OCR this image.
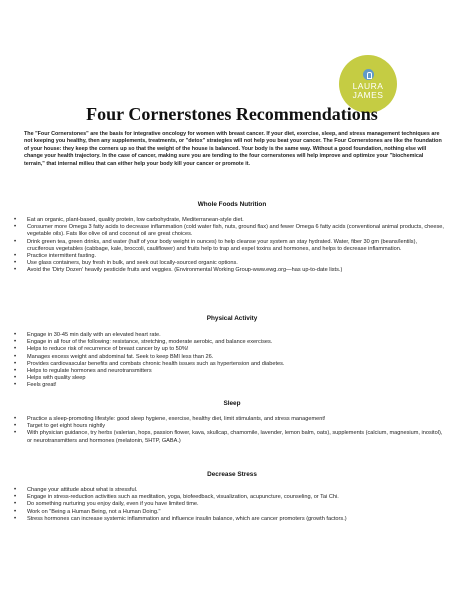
LAURA
JAMES
Four Cornerstones Recommendations

The "Four Cornerstones" are the basis for integrative oncology for women with breast cancer. If your diet, exercise, sleep, and stress management techniques are not keeping you healthy, then any supplements, treatments, or "detox" strategies will not help you beat your cancer. The Four Cornerstones are like the foundation of your house: they keep the corners up so that the weight of the house is balanced. Your body is the same way. Without a good foundation, nothing else will change your health trajectory. In the case of cancer, making sure you are tending to the four cornerstones will help improve and optimize your "biochemical terrain," that internal milieu that can either help your body kill your cancer or promote it.

Whole Foods Nutrition
• Eat an organic, plant-based, quality protein, low carbohydrate, Mediterranean-style diet.
• Consumer more Omega 3 fatty acids to decrease inflammation (cold water fish, nuts, ground flax) and fewer Omega 6 fatty acids (conventional animal products, cheese, vegetable oils). Fats like olive oil and coconut oil are great choices.
• Drink green tea, green drinks, and water (half of your body weight in ounces) to help cleanse your system an stay hydrated. Water, fiber 30 gm (beans/lentils), cruciferous vegetables (cabbage, kale, broccoli, cauliflower) and fruits help to trap and expel toxins and hormones, and helps to decrease inflammation.
• Practice intermittent fasting.
• Use glass containers, buy fresh in bulk, and seek out locally-sourced organic options.
• Avoid the 'Dirty Dozen' heavily pesticide fruits and veggies. (Environmental Working Group-www.ewg.org—has up-to-date lists.)
Physical Activity
• Engage in 30-45 min daily with an elevated heart rate.
• Engage in all four of the following: resistance, stretching, moderate aerobic, and balance exercises.
• Helps to reduce risk of recurrence of breast cancer by up to 50%!
• Manages excess weight and abdominal fat. Seek to keep BMI less than 26.
• Provides cardiovascular benefits and combats chronic health issues such as hypertension and diabetes.
• Helps to regulate hormones and neurotransmitters
• Helps with quality sleep
• Feels great!
Sleep
• Practice a sleep-promoting lifestyle: good sleep hygiene, exercise, healthy diet, limit stimulants, and stress management!
• Target to get eight hours nightly
• With physician guidance, try herbs (valerian, hops, passion flower, kava, skullcap, chamomile, lavender, lemon balm, oats), supplements (calcium, magnesium, inositol), or neurotransmitters and hormones (melatonin, 5HTP, GABA.)
Decrease Stress
• Change your attitude about what is stressful.
• Engage in stress-reduction activities such as meditation, yoga, biofeedback, visualization, acupuncture, counseling, or Tai Chi.
• Do something nurturing you enjoy daily, even if you have limited time.
• Work on "Being a Human Being, not a Human Doing."
• Stress hormones can increase systemic inflammation and influence insulin balance, which are cancer promoters (growth factors.)
